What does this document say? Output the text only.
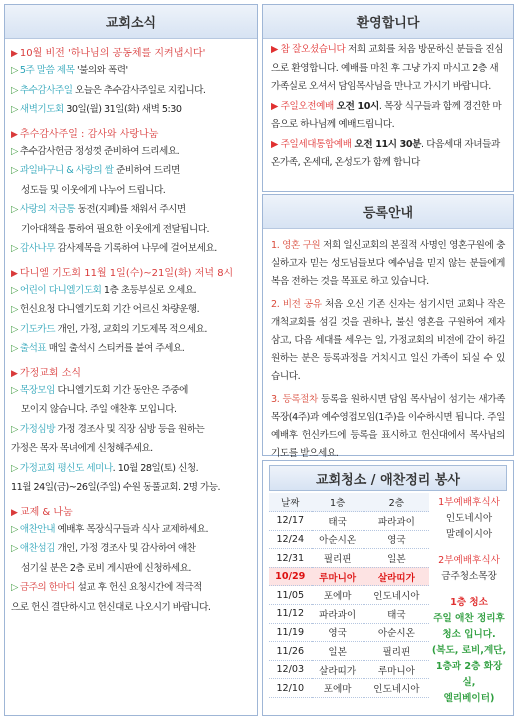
교회소식
▶ 10월 비전 '하나님의 공동체를 지켜냅시다'
▷ 5주 말씀 제목 '불의와 폭력'
▷ 추수감사주일 오늘은 추수감사주일로 지킵니다.
▷ 새벽기도회 30일(월) 31일(화) 새벽 5:30
▶ 추수감사주일 : 감사와 사랑나눔
▷ 추수감사헌금 정성껏 준비하여 드리세요.
▷ 과일바구니 & 사랑의 쌀 준비하여 드리면
성도들 및 이웃에게 나누어 드립니다.
▷ 사랑의 저금통 동전(지폐)를 채워서 주시면
기아대책을 통하여 필요한 이웃에게 전달됩니다.
▷ 감사나무 감사제목을 기록하여 나무에 걸어보세요.
▶ 다니엘 기도회 11월 1일(수)~21일(화) 저녁 8시
▷ 어린이 다니엘기도회 1층 초등부실로 오세요.
▷ 헌신요청 다니엘기도회 기간 어르신 차량운행.
▷ 기도카드 개인, 가정, 교회의 기도제목 적으세요.
▷ 출석표 매일 출석시 스티커를 붙여 주세요.
▶ 가정교회 소식
▷ 목장모임 다니엘기도회 기간 동안은 주중에
모이지 않습니다. 주일 애찬후 모입니다.
▷ 가정심방 가정 경조사 및 직장 심방 등을 원하는
가정은 목자 목녀에게 신청해주세요.
▷ 가정교회 평신도 세미나. 10월 28일(토) 신청.
11월 24일(금)~26일(주일) 수원 동풀교회. 2명 가능.
▶ 교제 & 나눔
▷ 애찬안내 예배후 목장식구들과 식사 교제하세요.
▷ 애찬섬김 개인, 가정 경조사 및 감사하여 애찬
섬기실 분은 2층 로비 게시판에 신청하세요.
▷ 금주의 한마디 설교 후 헌신 요청시간에 적극적
으로 헌신 결단하시고 헌신대로 나오시기 바랍니다.
환영합니다

▶ 참 잘오셨습니다 저희 교회를 처음 방문하신 분들을 진심으로 환영합니다. 예배를 마친 후 그냥 가지 마시고 2층 새가족실로 오셔서 담임목사님을 만나고 가시기 바랍니다.

▶ 주일오전예배 오전 10시. 목장 식구들과 함께 경건한 마음으로 하나님께 예배드립니다.

▶ 주일세대통합예배 오전 11시 30분. 다음세대 자녀들과 온가족, 온세대, 온성도가 함께 합니다

등록안내

1. 영혼 구원 저희 일신교회의 본질적 사명인 영혼구원에 충실하고자 믿는 성도님들보다 예수님을 믿지 않는 분들에게 복음 전하는 것을 목표로 하고 있습니다.

2. 비전 공유 처음 오신 기존 신자는 섬기시던 교회나 작은 개척교회를 섬길 것을 권하나, 불신 영혼을 구원하여 제자 삼고, 다음 세대를 세우는 일, 가정교회의 비전에 같이 하길 원하는 분은 등록과정을 거치시고 일신 가족이 되실 수 있습니다.

3. 등록절차 등록을 원하시면 담임 목사님이 섬기는 새가족목장(4주)과 예수영접모임(1주)을 이수하시면 됩니다. 주일예배후 헌신카드에 등록을 표시하고 헌신대에서 목사님의 기도를 받으세요.

교회청소 / 애찬정리 봉사
날짜	1층	2층
12/17	태국	파라과이
12/24	아순시온	영국
12/31	필리핀	일본
10/29	루마니아	살라띠가
11/05	포에마	인도네시아
11/12	파라과이	태국
11/19	영국	아순시온
11/26	일본	필리핀
12/03	살라띠가	루마니아
12/10	포에마	인도네시아
1부예배후식사
인도네시아
말레이시아
2부예배후식사
금주청소목장
1층 청소
주일 애찬 정리후
청소 입니다.
(복도, 로비,계단,
1층과 2층 화장실,
엘리베이터)
